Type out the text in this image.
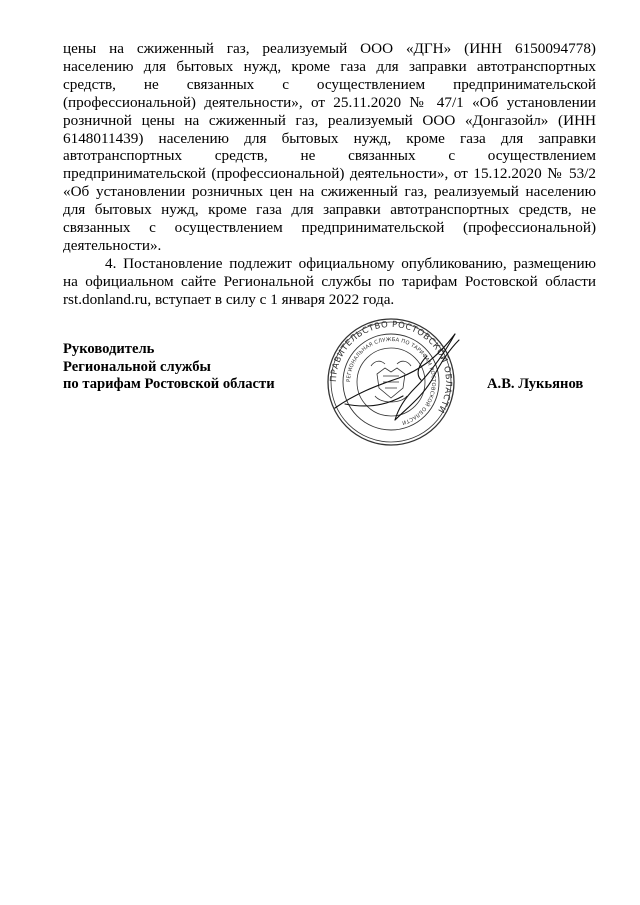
цены на сжиженный газ, реализуемый ООО «ДГН» (ИНН 6150094778) населению для бытовых нужд, кроме газа для заправки автотранспортных средств, не связанных с осуществлением предпринимательской (профессиональной) деятельности», от 25.11.2020 № 47/1 «Об установлении розничной цены на сжиженный газ, реализуемый ООО «Донгазойл» (ИНН 6148011439) населению для бытовых нужд, кроме газа для заправки автотранспортных средств, не связанных с осуществлением предпринимательской (профессиональной) деятельности», от 15.12.2020 № 53/2 «Об установлении розничных цен на сжиженный газ, реализуемый населению для бытовых нужд, кроме газа для заправки автотранспортных средств, не связанных с осуществлением предпринимательской (профессиональной) деятельности».

4. Постановление подлежит официальному опубликованию, размещению на официальном сайте Региональной службы по тарифам Ростовской области rst.donland.ru, вступает в силу с 1 января 2022 года.

Руководитель
Региональной службы
по тарифам Ростовской области	ПРАВИТЕЛЬСТВО РОСТОВСКОЙ ОБЛАСТИ
РЕГИОНАЛЬНАЯ СЛУЖБА ПО ТАРИФАМ РОСТОВСКОЙ ОБЛАСТИ
А.В. Лукьянов
